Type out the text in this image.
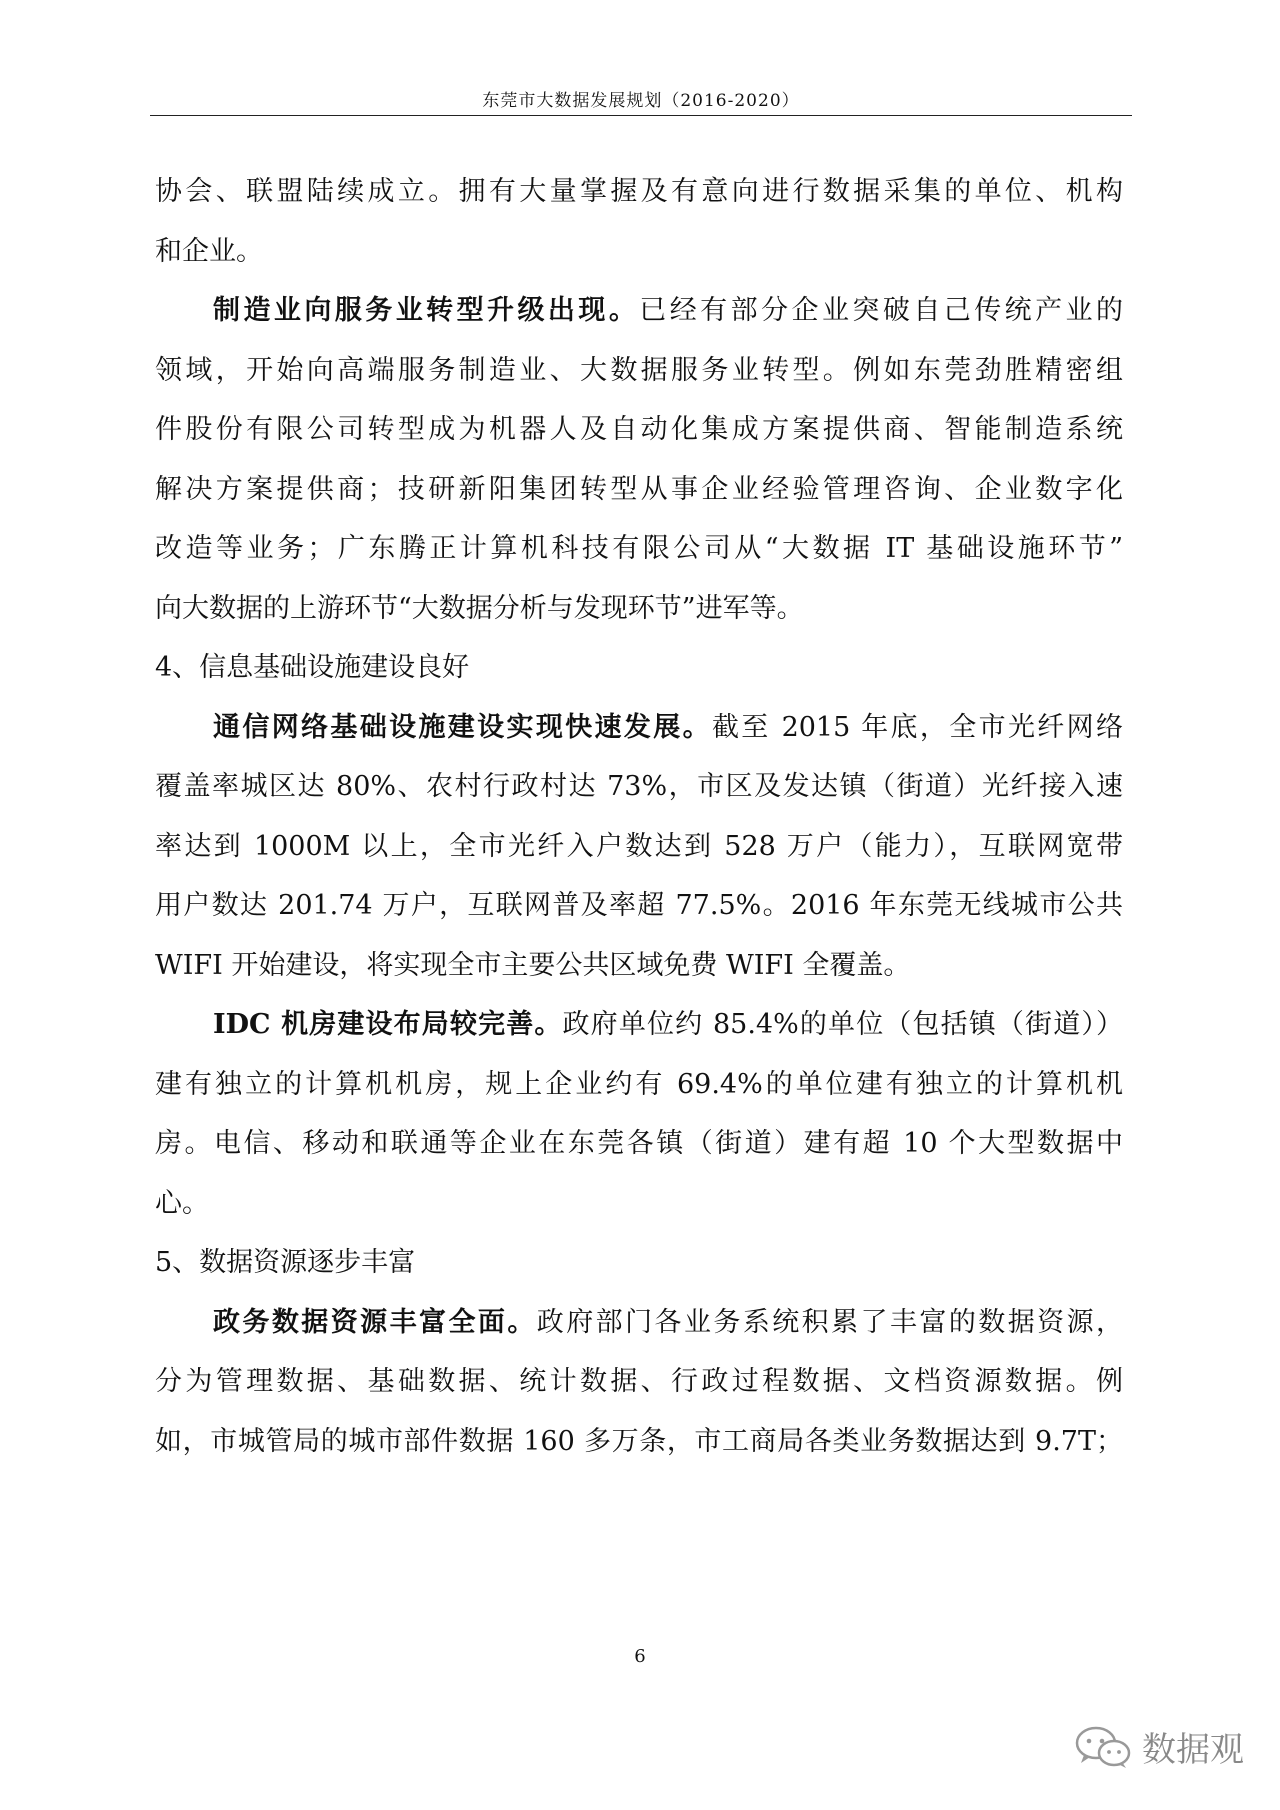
东莞市大数据发展规划（2016-2020）
协会、联盟陆续成立。拥有大量掌握及有意向进行数据采集的单位、机构
和企业。
制造业向服务业转型升级出现。已经有部分企业突破自己传统产业的
领域，开始向高端服务制造业、大数据服务业转型。例如东莞劲胜精密组
件股份有限公司转型成为机器人及自动化集成方案提供商、智能制造系统
解决方案提供商；技研新阳集团转型从事企业经验管理咨询、企业数字化
改造等业务；广东腾正计算机科技有限公司从“大数据 IT 基础设施环节”
向大数据的上游环节“大数据分析与发现环节”进军等。
4、信息基础设施建设良好
通信网络基础设施建设实现快速发展。截至 2015 年底，全市光纤网络
覆盖率城区达 80%、农村行政村达 73%，市区及发达镇（街道）光纤接入速
率达到 1000M 以上，全市光纤入户数达到 528 万户（能力），互联网宽带
用户数达 201.74 万户，互联网普及率超 77.5%。2016 年东莞无线城市公共
WIFI 开始建设，将实现全市主要公共区域免费 WIFI 全覆盖。
IDC 机房建设布局较完善。政府单位约 85.4%的单位（包括镇（街道））
建有独立的计算机机房，规上企业约有 69.4%的单位建有独立的计算机机
房。电信、移动和联通等企业在东莞各镇（街道）建有超 10 个大型数据中
心。
5、数据资源逐步丰富
政务数据资源丰富全面。政府部门各业务系统积累了丰富的数据资源，
分为管理数据、基础数据、统计数据、行政过程数据、文档资源数据。例
如，市城管局的城市部件数据 160 多万条，市工商局各类业务数据达到 9.7T；
6
数据观
